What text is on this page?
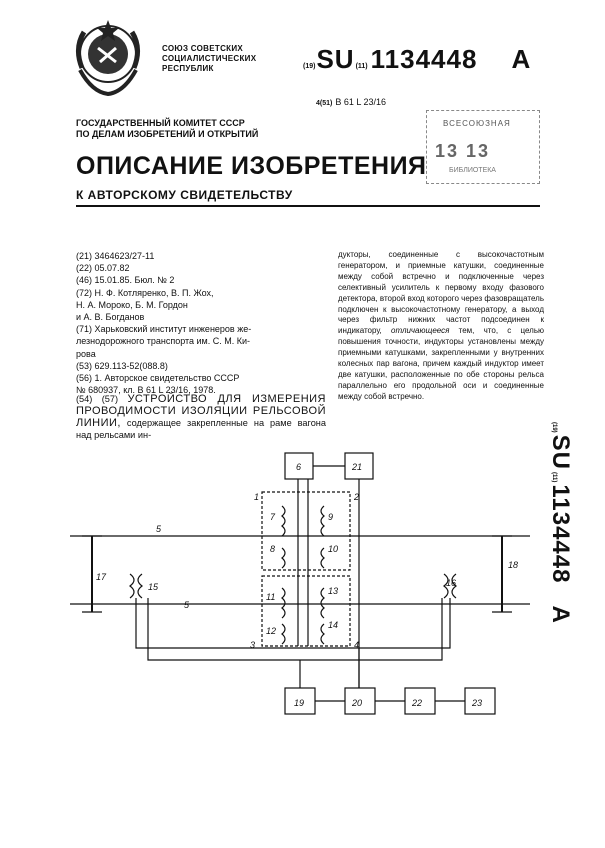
СОЮЗ СОВЕТСКИХ
СОЦИАЛИСТИЧЕСКИХ
РЕСПУБЛИК	(19) SU (11) 1134448 A
4(51) B 61 L 23/16
ГОСУДАРСТВЕННЫЙ КОМИТЕТ СССР
ПО ДЕЛАМ ИЗОБРЕТЕНИЙ И ОТКРЫТИЙ
ВСЕСОЮЗНАЯ
13 13
БИБЛИОТЕКА
ОПИСАНИЕ ИЗОБРЕТЕНИЯ
К АВТОРСКОМУ СВИДЕТЕЛЬСТВУ
(21) 3464623/27-11
(22) 05.07.82
(46) 15.01.85. Бюл. № 2
(72) Н. Ф. Котляренко, В. П. Жох,
Н. А. Мороко, Б. М. Гордон
и А. В. Богданов
(71) Харьковский институт инженеров же-
лезнодорожного транспорта им. С. М. Ки-
рова
(53) 629.113-52(088.8)
(56) 1. Авторское свидетельство СССР
№ 680937, кл. B 61 L 23/16, 1978.
(54) (57) УСТРОЙСТВО ДЛЯ ИЗМЕРЕНИЯ ПРОВОДИМОСТИ ИЗОЛЯЦИИ РЕЛЬСОВОЙ ЛИНИИ, содержащее закрепленные на раме вагона над рельсами ин-
дукторы, соединенные с высокочастотным генератором, и приемные катушки, соединенные между собой встречно и подключенные через селективный усилитель к первому входу фазового детектора, второй вход которого через фазовращатель подключен к высокочастотному генератору, а выход через фильтр нижних частот подсоединен к индикатору, отличающееся тем, что, с целью повышения точности, индукторы установлены между приемными катушками, закрепленными у внутренних колесных пар вагона, причем каждый индуктор имеет две катушки, расположенные по обе стороны рельса параллельно его продольной оси и соединенные между собой встречно.
(19)
SU
(11)
1134448
A
6	21
1	2
3	4
5
5
7
8
9
10
11
12
13
14
15	16
17
18
19	20	22	23
